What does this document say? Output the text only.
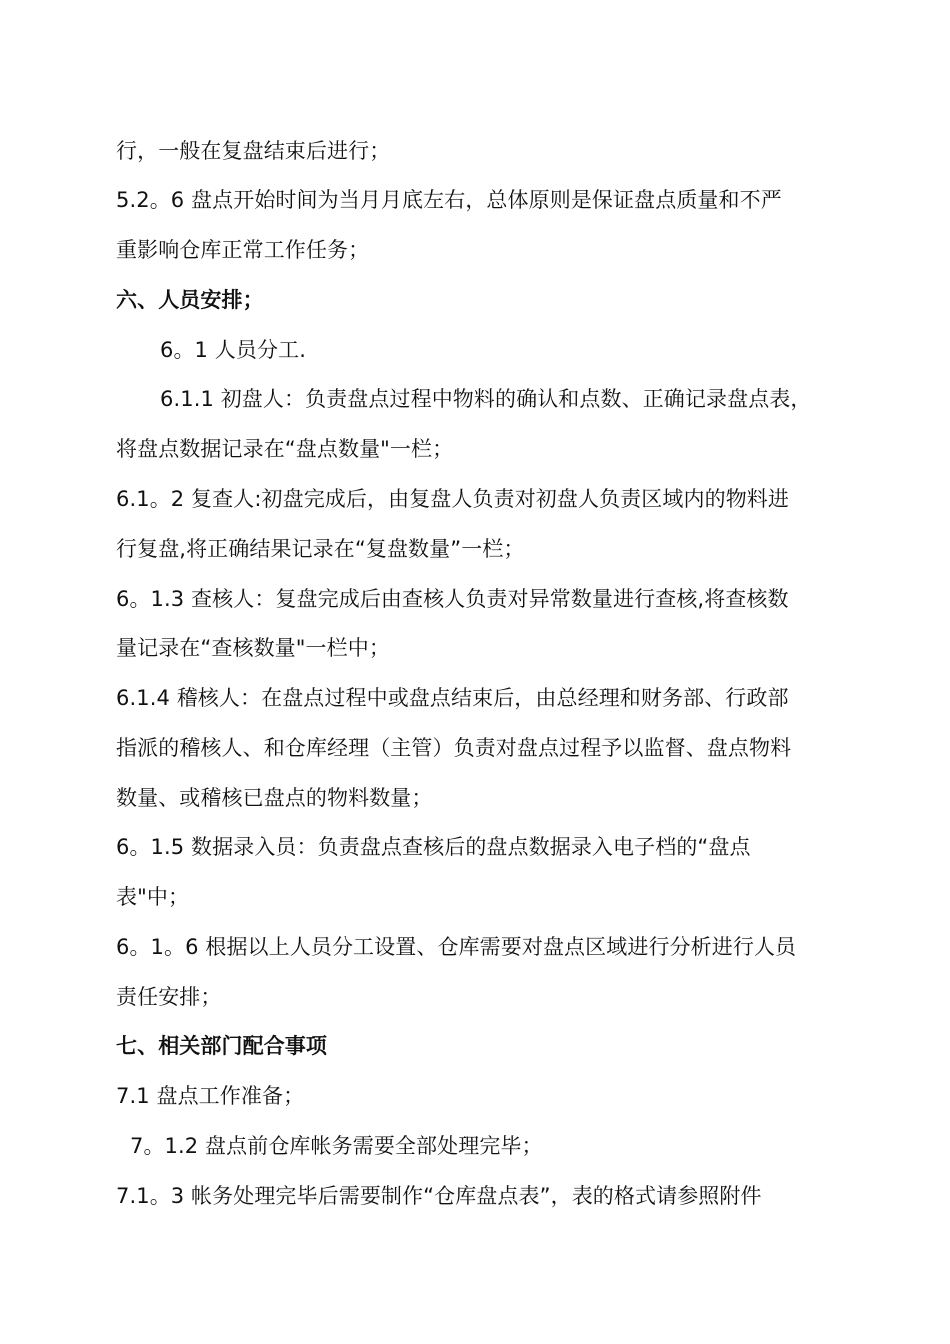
行，一般在复盘结束后进行；
5.2。6 盘点开始时间为当月月底左右，总体原则是保证盘点质量和不严
重影响仓库正常工作任务；
六、人员安排；
6。1 人员分工.
6.1.1 初盘人：负责盘点过程中物料的确认和点数、正确记录盘点表，
将盘点数据记录在“盘点数量"一栏；
6.1。2 复查人:初盘完成后，由复盘人负责对初盘人负责区域内的物料进
行复盘,将正确结果记录在“复盘数量”一栏；
6。1.3 查核人：复盘完成后由查核人负责对异常数量进行查核,将查核数
量记录在“查核数量"一栏中；
6.1.4 稽核人：在盘点过程中或盘点结束后，由总经理和财务部、行政部
指派的稽核人、和仓库经理（主管）负责对盘点过程予以监督、盘点物料
数量、或稽核已盘点的物料数量；
6。1.5 数据录入员：负责盘点查核后的盘点数据录入电子档的“盘点
表"中；
6。1。6 根据以上人员分工设置、仓库需要对盘点区域进行分析进行人员
责任安排；
七、相关部门配合事项
7.1 盘点工作准备；
7。1.2 盘点前仓库帐务需要全部处理完毕；
7.1。3 帐务处理完毕后需要制作“仓库盘点表”，表的格式请参照附件
